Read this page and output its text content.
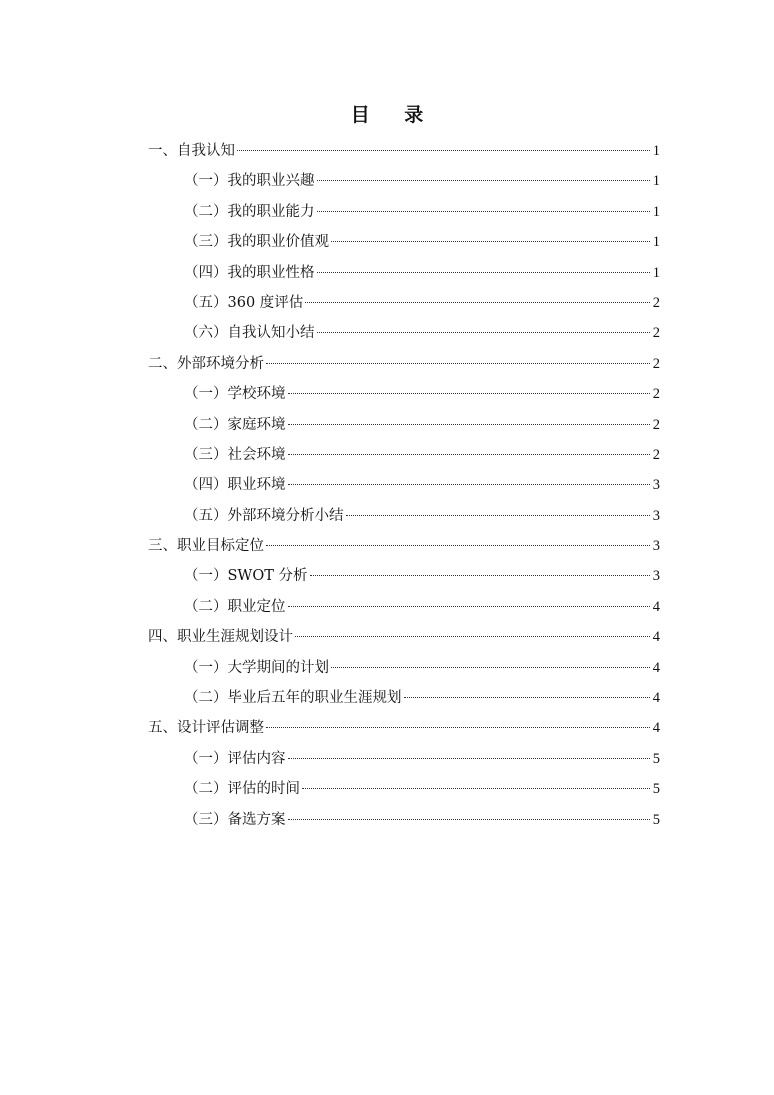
目 录
一、自我认知	1
（一）我的职业兴趣	1
（二）我的职业能力	1
（三）我的职业价值观	1
（四）我的职业性格	1
（五）360 度评估	2
（六）自我认知小结	2
二、外部环境分析	2
（一）学校环境	2
（二）家庭环境	2
（三）社会环境	2
（四）职业环境	3
（五）外部环境分析小结	3
三、职业目标定位	3
（一）SWOT 分析	3
（二）职业定位	4
四、职业生涯规划设计	4
（一）大学期间的计划	4
（二）毕业后五年的职业生涯规划	4
五、设计评估调整	4
（一）评估内容	5
（二）评估的时间	5
（三）备选方案	5
